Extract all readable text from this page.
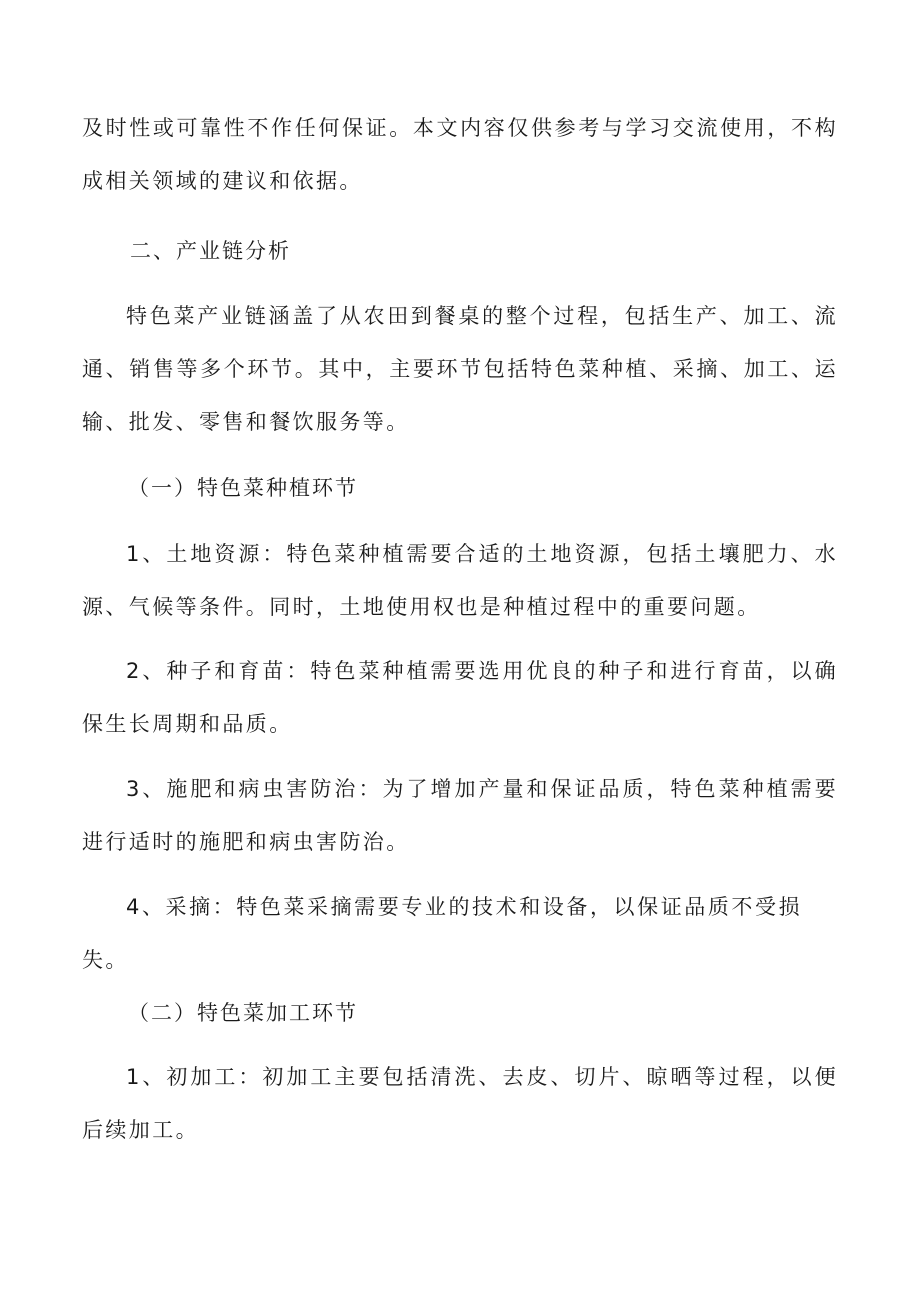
及时性或可靠性不作任何保证。本文内容仅供参考与学习交流使用，不构成相关领域的建议和依据。

二、产业链分析

特色菜产业链涵盖了从农田到餐桌的整个过程，包括生产、加工、流通、销售等多个环节。其中，主要环节包括特色菜种植、采摘、加工、运输、批发、零售和餐饮服务等。

（一）特色菜种植环节

1、土地资源：特色菜种植需要合适的土地资源，包括土壤肥力、水源、气候等条件。同时，土地使用权也是种植过程中的重要问题。

2、种子和育苗：特色菜种植需要选用优良的种子和进行育苗，以确保生长周期和品质。

3、施肥和病虫害防治：为了增加产量和保证品质，特色菜种植需要进行适时的施肥和病虫害防治。

4、采摘：特色菜采摘需要专业的技术和设备，以保证品质不受损失。

（二）特色菜加工环节

1、初加工：初加工主要包括清洗、去皮、切片、晾晒等过程，以便后续加工。
